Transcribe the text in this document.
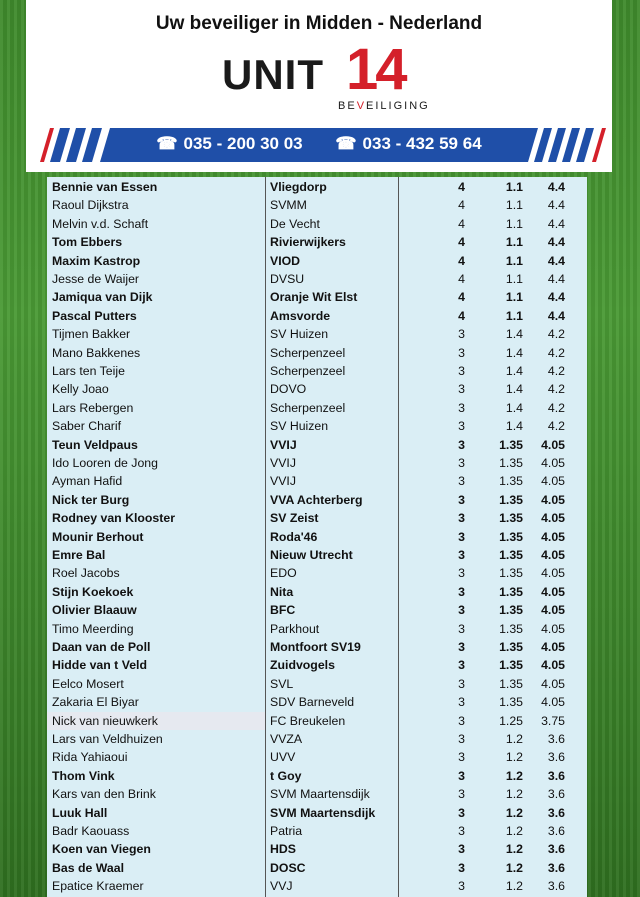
Uw beveiliger in Midden - Nederland
UNIT 14
BEVEILIGING
☎ 035 - 200 30 03 ☎ 033 - 432 59 64
Bennie van Essen	Vliegdorp	4	1.1	4.4
Raoul Dijkstra	SVMM	4	1.1	4.4
Melvin v.d. Schaft	De Vecht	4	1.1	4.4
Tom Ebbers	Rivierwijkers	4	1.1	4.4
Maxim Kastrop	VIOD	4	1.1	4.4
Jesse de Waijer	DVSU	4	1.1	4.4
Jamiqua van Dijk	Oranje Wit Elst	4	1.1	4.4
Pascal Putters	Amsvorde	4	1.1	4.4
Tijmen Bakker	SV Huizen	3	1.4	4.2
Mano Bakkenes	Scherpenzeel	3	1.4	4.2
Lars ten Teije	Scherpenzeel	3	1.4	4.2
Kelly Joao	DOVO	3	1.4	4.2
Lars Rebergen	Scherpenzeel	3	1.4	4.2
Saber Charif	SV Huizen	3	1.4	4.2
Teun Veldpaus	VVIJ	3	1.35	4.05
Ido Looren de Jong	VVIJ	3	1.35	4.05
Ayman Hafid	VVIJ	3	1.35	4.05
Nick ter Burg	VVA Achterberg	3	1.35	4.05
Rodney van Klooster	SV Zeist	3	1.35	4.05
Mounir Berhout	Roda'46	3	1.35	4.05
Emre Bal	Nieuw Utrecht	3	1.35	4.05
Roel Jacobs	EDO	3	1.35	4.05
Stijn Koekoek	Nita	3	1.35	4.05
Olivier Blaauw	BFC	3	1.35	4.05
Timo Meerding	Parkhout	3	1.35	4.05
Daan van de Poll	Montfoort SV19	3	1.35	4.05
Hidde van t Veld	Zuidvogels	3	1.35	4.05
Eelco Mosert	SVL	3	1.35	4.05
Zakaria El Biyar	SDV Barneveld	3	1.35	4.05
Nick van nieuwkerk	FC Breukelen	3	1.25	3.75
Lars van Veldhuizen	VVZA	3	1.2	3.6
Rida Yahiaoui	UVV	3	1.2	3.6
Thom Vink	t Goy	3	1.2	3.6
Kars van den Brink	SVM Maartensdijk	3	1.2	3.6
Luuk Hall	SVM Maartensdijk	3	1.2	3.6
Badr Kaouass	Patria	3	1.2	3.6
Koen van Viegen	HDS	3	1.2	3.6
Bas de Waal	DOSC	3	1.2	3.6
Epatice Kraemer	VVJ	3	1.2	3.6
